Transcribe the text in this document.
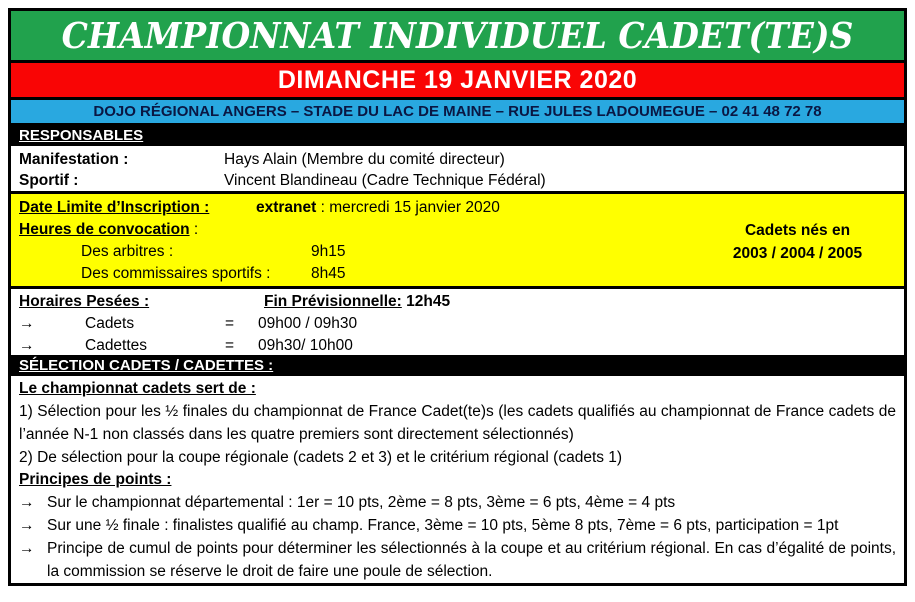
CHAMPIONNAT INDIVIDUEL CADET(TE)S
DIMANCHE 19 JANVIER 2020
DOJO RÉGIONAL ANGERS – STADE DU LAC DE MAINE – RUE JULES LADOUMEGUE – 02 41 48 72 78
RESPONSABLES
Manifestation :	Hays Alain (Membre du comité directeur)
Sportif :	Vincent Blandineau (Cadre Technique Fédéral)
Date Limite d’Inscription :	extranet : mercredi 15 janvier 2020
Heures de convocation :
Des arbitres :	9h15
Des commissaires sportifs :	8h45
Cadets nés en
2003 / 2004 / 2005
Horaires Pesées :	Fin Prévisionnelle: 12h45
→	Cadets	= 09h00 / 09h30
→	Cadettes	= 09h30/ 10h00
SÉLECTION CADETS / CADETTES :
Le championnat cadets sert de :
1) Sélection pour les ½ finales du championnat de France Cadet(te)s (les cadets qualifiés au championnat de France cadets de l’année N-1 non classés dans les quatre premiers sont directement sélectionnés)
2) De sélection pour la coupe régionale (cadets 2 et 3) et le critérium régional (cadets 1)
Principes de points :
→ Sur le championnat départemental : 1er = 10 pts, 2ème = 8 pts, 3ème = 6 pts, 4ème = 4 pts
→ Sur une ½ finale : finalistes qualifié au champ. France, 3ème = 10 pts, 5ème 8 pts, 7ème = 6 pts, participation = 1pt
→ Principe de cumul de points pour déterminer les sélectionnés à la coupe et au critérium régional. En cas d’égalité de points, la commission se réserve le droit de faire une poule de sélection.
